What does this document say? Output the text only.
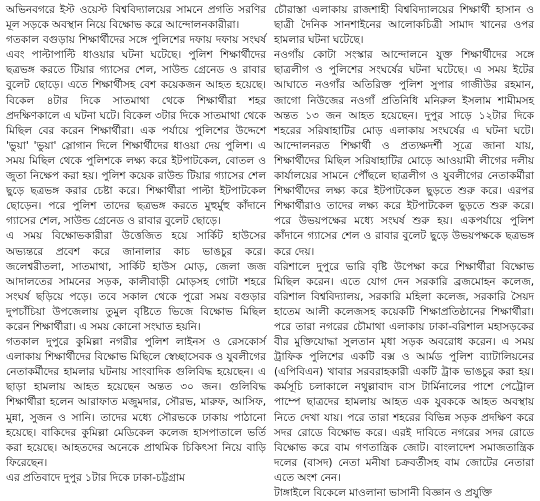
অভিনবগরে ইস্ট ওয়েস্ট বিশ্ববিদ্যালয়ের সামনে প্রগতি সরণির মূল সড়কে অবস্থান নিয়ে বিক্ষোভ করে আন্দোলনকারীরা।

গতকাল বগুড়ায় শিক্ষার্থীদের সঙ্গে পুলিশের দফায় দফায় সংঘর্ষ এবং পাল্টাপাল্টি ধাওয়ার ঘটনা ঘটেছে। পুলিশ শিক্ষার্থীদের ছত্রভঙ্গ করতে টিয়ার গ্যাসের শেল, সাউন্ড গ্রেনেড ও রাবার বুলেট ছোড়ে। এতে শিক্ষার্থীসহ বেশ কয়েকজন আহত হয়েছে। বিকেল ৪টার দিকে সাতমাথা থেকে শিক্ষার্থীরা শহর প্রদক্ষিণকালে এ ঘটনা ঘটে। বিকেল ৩টার দিকে সাতমাথা থেকে মিছিল বের করেন শিক্ষার্থীরা। এক পর্যায়ে পুলিশের উদ্দেশে 'ভুয়া' 'ভুয়া' স্লোগান দিলে শিক্ষার্থীদের ধাওয়া দেয় পুলিশ। এ সময় মিছিল থেকে পুলিশকে লক্ষ্য করে ইটপাটকেল, বোতল ও জুতা নিক্ষেপ করা হয়। পুলিশ কয়েক রাউন্ড টিয়ার গ্যাসের শেল ছুড়ে ছত্রভঙ্গ করার চেষ্টা করে। শিক্ষার্থীরা পাল্টা ইটপাটকেল ছোড়েন। পরে পুলিশ তাদের ছত্রভঙ্গ করতে মুহুর্মুহু কাঁদানে গ্যাসের শেল, সাউন্ড গ্রেনেড ও রাবার বুলেট ছোড়ে।

এ সময় বিক্ষোভকারীরা উত্তেজিত হয়ে সার্কিট হাউসের অভ্যন্তরে প্রবেশ করে জানালার কাচ ভাঙচুর করে। জলেশ্বরীতলা, সাতমাথা, সার্কিট হাউস মোড়, জেলা জজ আদালতের সামনের সড়ক, কালীবাড়ী মোড়সহ গোটা শহরে সংঘর্ষ ছড়িয়ে পড়ে। তবে সকাল থেকে পুরো সময় বগুড়ার দুপচাঁচিয়া উপজেলায় তুমুল বৃষ্টিতে ভিজে বিক্ষোভ মিছিল করেন শিক্ষার্থীরা। এ সময় কোনো সংঘাত হয়নি।

গতকাল দুপুরে কুমিল্লা নগরীর পুলিশ লাইনস ও রেসকোর্স এলাকায় শিক্ষার্থীদের বিক্ষোভ মিছিলে স্বেচ্ছাসেবক ও যুবলীগের নেতাকর্মীদের হামলার ঘটনায় সাংবাদিক গুলিবিদ্ধ হয়েছেন। এ ছাড়া হামলায় আহত হয়েছেন অন্তত ৩০ জন। গুলিবিদ্ধ শিক্ষার্থীরা হলেন আরাফাত মজুমদার, সৌরভ, মারুফ, আসিফ, মুন্না, সুজন ও সানি। তাদের মধ্যে সৌরভকে ঢাকায় পাঠানো হয়েছে। বাকিদের কুমিল্লা মেডিকেল কলেজ হাসপাতালে ভর্তি করা হয়েছে। আহতদের অনেকে প্রাথমিক চিকিৎসা নিয়ে বাড়ি ফিরেছেন।

এর প্রতিবাদে দুপুর ১টার দিকে ঢাকা-চট্টগ্রাম

চৌরাস্তা এলাকায় রাজশাহী বিশ্ববিদ্যালয়ের শিক্ষার্থী হাসান ও ছাত্রী দৈনিক সানশাইনের আলোকচিত্রী সামাদ খানের ওপর হামলার ঘটনা ঘটেছে।

নওগাঁয় কোটা সংস্কার আন্দোলনে যুক্ত শিক্ষার্থীদের সঙ্গে ছাত্রলীগ ও পুলিশের সংঘর্ষের ঘটনা ঘটেছে। এ সময় ইটের আঘাতে নওগাঁর অতিরিক্ত পুলিশ সুপার গাজীউর রহমান, জাগো নিউজের নওগাঁ প্রতিনিধি মনিরুল ইসলাম শামীমসহ অন্তত ১৩ জন আহত হয়েছেন। দুপুর সাড়ে ১২টার দিকে শহরের সরিষাহাটির মোড় এলাকায় সংঘর্ষের এ ঘটনা ঘটে। আন্দোলনরত শিক্ষার্থী ও প্রত্যক্ষদর্শী সূত্রে জানা যায়, শিক্ষার্থীদের মিছিল সরিষাহাটির মোড়ে আওয়ামী লীগের দলীয় কার্যালয়ের সামনে পৌঁছলে ছাত্রলীগ ও যুবলীগের নেতাকর্মীরা শিক্ষার্থীদের লক্ষ্য করে ইটপাটকেল ছুড়তে শুরু করে। এরপর শিক্ষার্থীরাও তাদের লক্ষ্য করে ইটপাটকেল ছুড়তে শুরু করে। পরে উভয়পক্ষের মধ্যে সংঘর্ষ শুরু হয়। একপর্যায়ে পুলিশ কাঁদানে গ্যাসের শেল ও রাবার বুলেট ছুড়ে উভয়পক্ষকে ছত্রভঙ্গ করে দেয়।

বরিশালে দুপুরে ভারি বৃষ্টি উপেক্ষা করে শিক্ষার্থীরা বিক্ষোভ মিছিল করেন। এতে যোগ দেন সরকারি ব্রজমোহন কলেজ, বরিশাল বিশ্ববিদ্যালয়, সরকারি মহিলা কলেজ, সরকারি সৈয়দ হাতেম আলী কলেজসহ কয়েকটি শিক্ষাপ্রতিষ্ঠানের শিক্ষার্থীরা। পরে তারা নগরের চৌমাথা এলাকায় ঢাকা-বরিশাল মহাসড়কের বীর মুক্তিযোদ্ধা সুলতান মৃধা সড়ক অবরোধ করেন। এ সময় ট্রাফিক পুলিশের একটি বক্স ও আর্মড পুলিশ ব্যাটালিয়নের (এপিবিএন) খাবার সরবরাহকারী একটি ট্রাক ভাঙচুর করা হয়। কর্মসূচি চলাকালে নথুল্লাবাদ বাস টার্মিনালের পাশে পেট্রোল পাম্পে ছাত্রদের হামলায় আহত এক যুবককে আহত অবস্থায় নিতে দেখা যায়। পরে তারা শহরের বিভিন্ন সড়ক প্রদক্ষিণ করে সদর রোডে বিক্ষোভ করে। এরই দাবিতে নগরের সদর রোডে বিক্ষোভ করে বাম গণতান্ত্রিক জোট। বাংলাদেশ সমাজতান্ত্রিক দলের (বাসদ) নেতা মনীষা চক্রবর্তীসহ বাম জোটের নেতারা এতে অংশ নেন।

টাঙ্গাইলে বিকেলে মাওলানা ভাসানী বিজ্ঞান ও প্রযুক্তি
